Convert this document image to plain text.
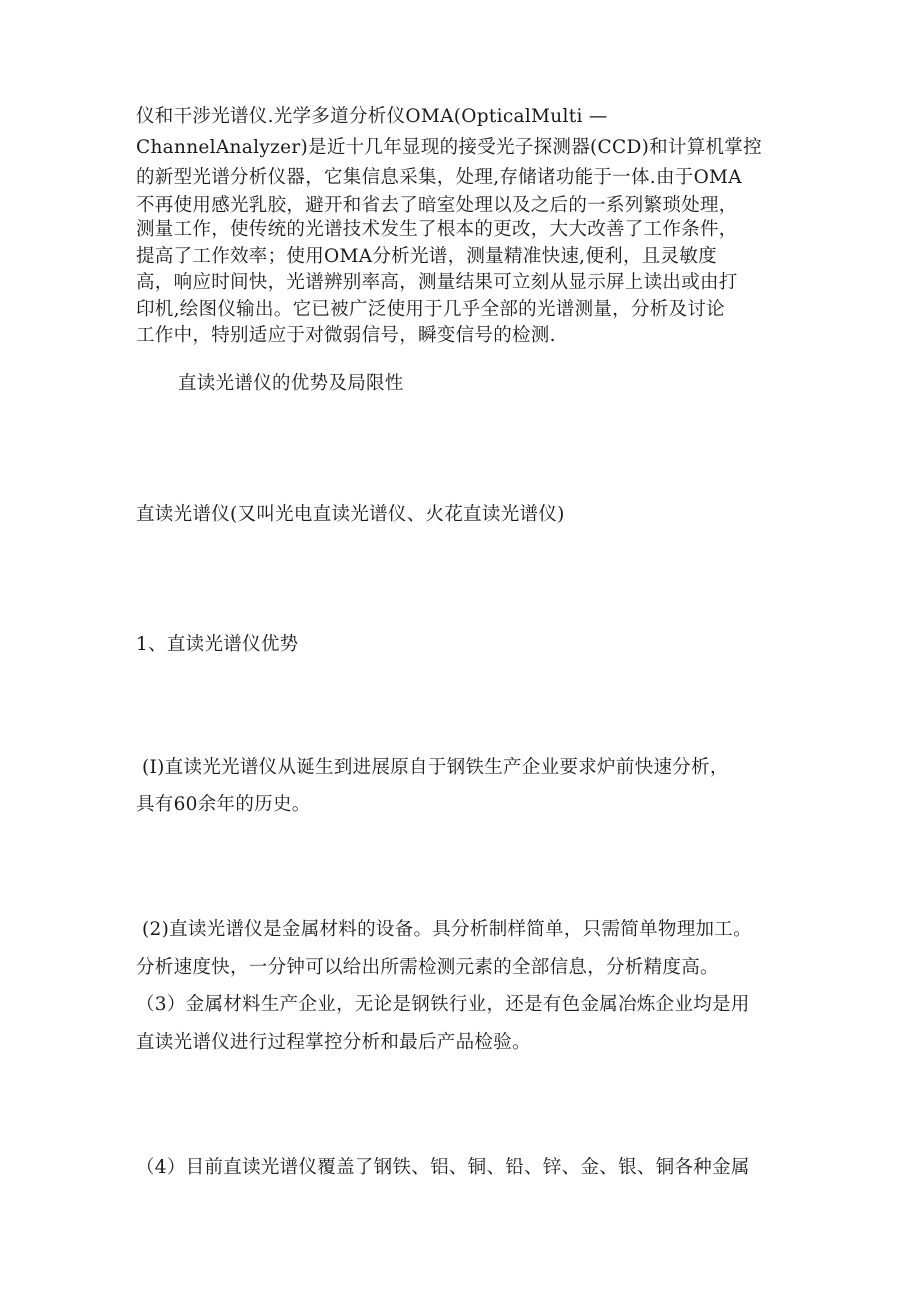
仪和干涉光谱仪.光学多道分析仪OMA(OpticalMulti —
ChannelAnalyzer)是近十几年显现的接受光子探测器(CCD)和计算机掌控
的新型光谱分析仪器，它集信息采集，处理,存储诸功能于一体.由于OMA
不再使用感光乳胶，避开和省去了暗室处理以及之后的一系列繁琐处理，
测量工作，使传统的光谱技术发生了根本的更改，大大改善了工作条件，
提高了工作效率；使用OMA分析光谱，测量精准快速,便利，且灵敏度
高，响应时间快，光谱辨别率高，测量结果可立刻从显示屏上读出或由打
印机,绘图仪输出。它已被广泛使用于几乎全部的光谱测量，分析及讨论
工作中，特别适应于对微弱信号，瞬变信号的检测.
直读光谱仪的优势及局限性
直读光谱仪(又叫光电直读光谱仪、火花直读光谱仪)
1、直读光谱仪优势
(I)直读光光谱仪从诞生到进展原自于钢铁生产企业要求炉前快速分析，
具有60余年的历史。
(2)直读光谱仪是金属材料的设备。具分析制样简单，只需简单物理加工。
分析速度快，一分钟可以给出所需检测元素的全部信息，分析精度高。
（3）金属材料生产企业，无论是钢铁行业，还是有色金属冶炼企业均是用
直读光谱仪进行过程掌控分析和最后产品检验。
（4）目前直读光谱仪覆盖了钢铁、铝、铜、铅、锌、金、银、铜各种金属
